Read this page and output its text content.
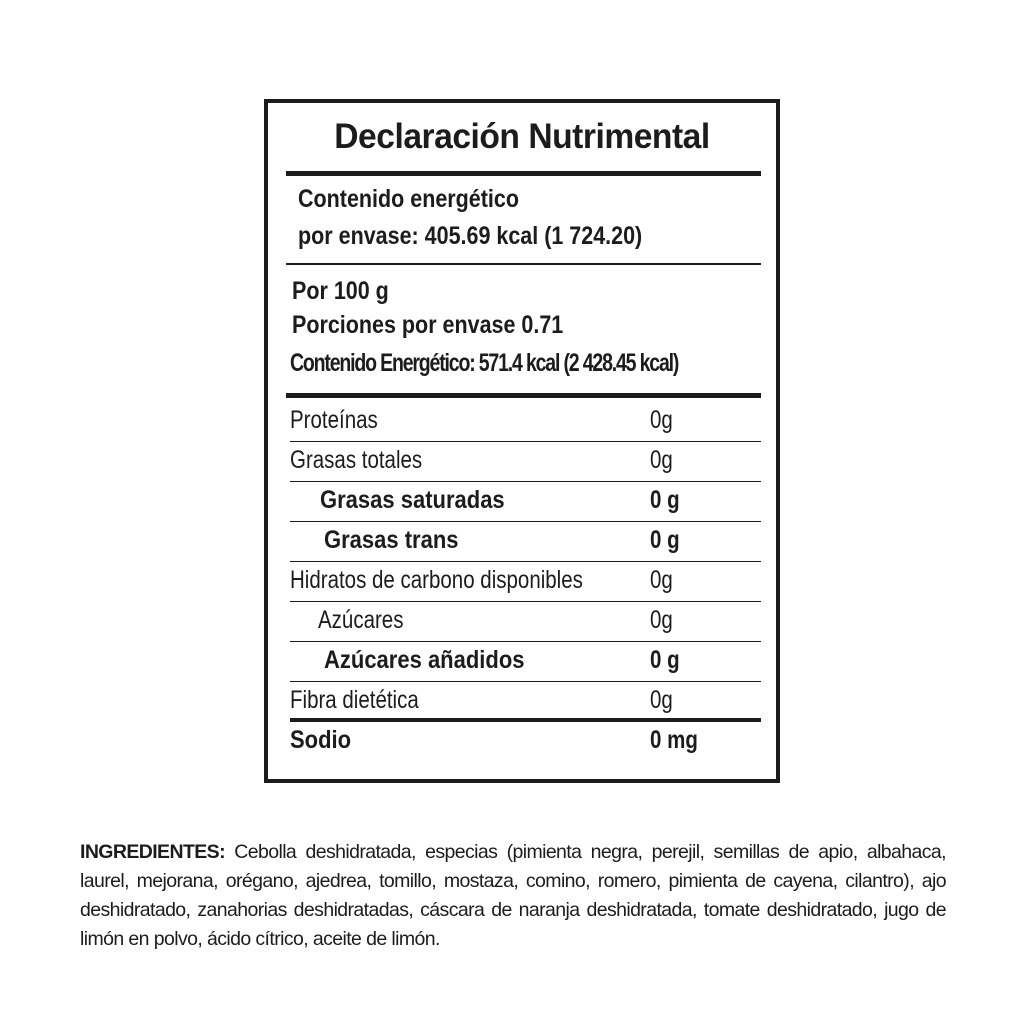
Declaración Nutrimental
Contenido energético
por envase: 405.69 kcal (1 724.20)
Por 100 g
Porciones por envase 0.71
Contenido Energético: 571.4 kcal (2 428.45 kcal)
Proteínas	0g
Grasas totales	0g
Grasas saturadas	0 g
Grasas trans	0 g
Hidratos de carbono disponibles	0g
Azúcares	0g
Azúcares añadidos	0 g
Fibra dietética	0g
Sodio	0 mg
INGREDIENTES: Cebolla deshidratada, especias (pimienta negra, perejil, semillas de apio, albahaca, laurel, mejorana, orégano, ajedrea, tomillo, mostaza, comino, romero, pimienta de cayena, cilantro), ajo deshidratado, zanahorias deshidratadas, cáscara de naranja deshidratada, tomate deshidratado, jugo de limón en polvo, ácido cítrico, aceite de limón.
